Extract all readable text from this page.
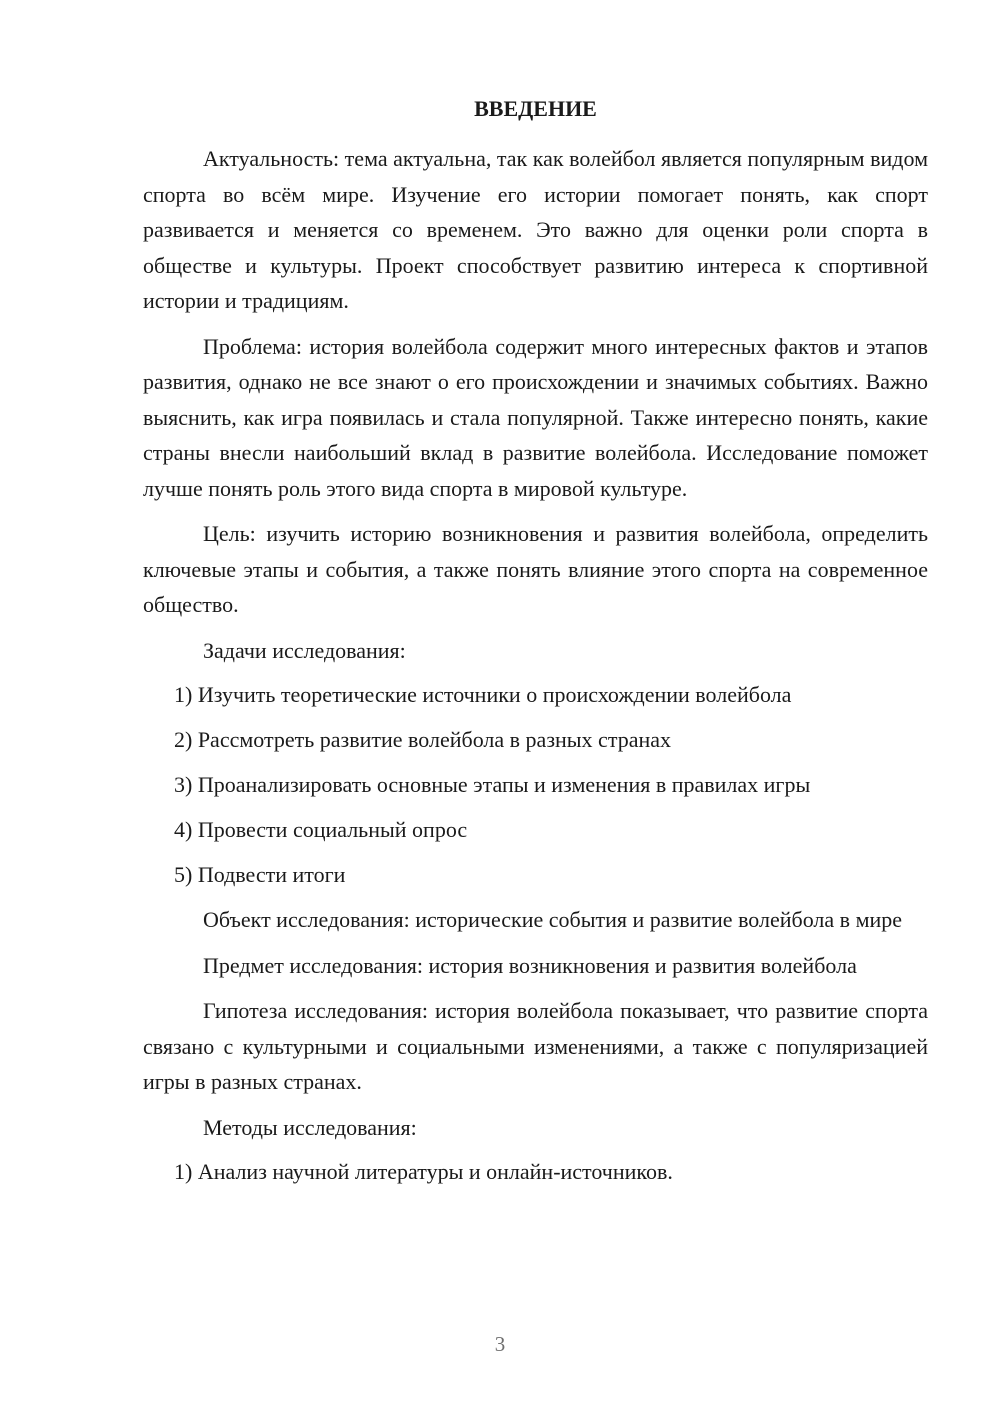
ВВЕДЕНИЕ

Актуальность: тема актуальна, так как волейбол является популярным видом спорта во всём мире. Изучение его истории помогает понять, как спорт развивается и меняется со временем. Это важно для оценки роли спорта в обществе и культуры. Проект способствует развитию интереса к спортивной истории и традициям.

Проблема: история волейбола содержит много интересных фактов и этапов развития, однако не все знают о его происхождении и значимых событиях. Важно выяснить, как игра появилась и стала популярной. Также интересно понять, какие страны внесли наибольший вклад в развитие волейбола. Исследование поможет лучше понять роль этого вида спорта в мировой культуре.

Цель: изучить историю возникновения и развития волейбола, определить ключевые этапы и события, а также понять влияние этого спорта на современное общество.

Задачи исследования:

1) Изучить теоретические источники о происхождении волейбола

2) Рассмотреть развитие волейбола в разных странах

3) Проанализировать основные этапы и изменения в правилах игры

4) Провести социальный опрос

5) Подвести итоги

Объект исследования: исторические события и развитие волейбола в мире

Предмет исследования: история возникновения и развития волейбола

Гипотеза исследования: история волейбола показывает, что развитие спорта связано с культурными и социальными изменениями, а также с популяризацией игры в разных странах.

Методы исследования:

1) Анализ научной литературы и онлайн-источников.

3
